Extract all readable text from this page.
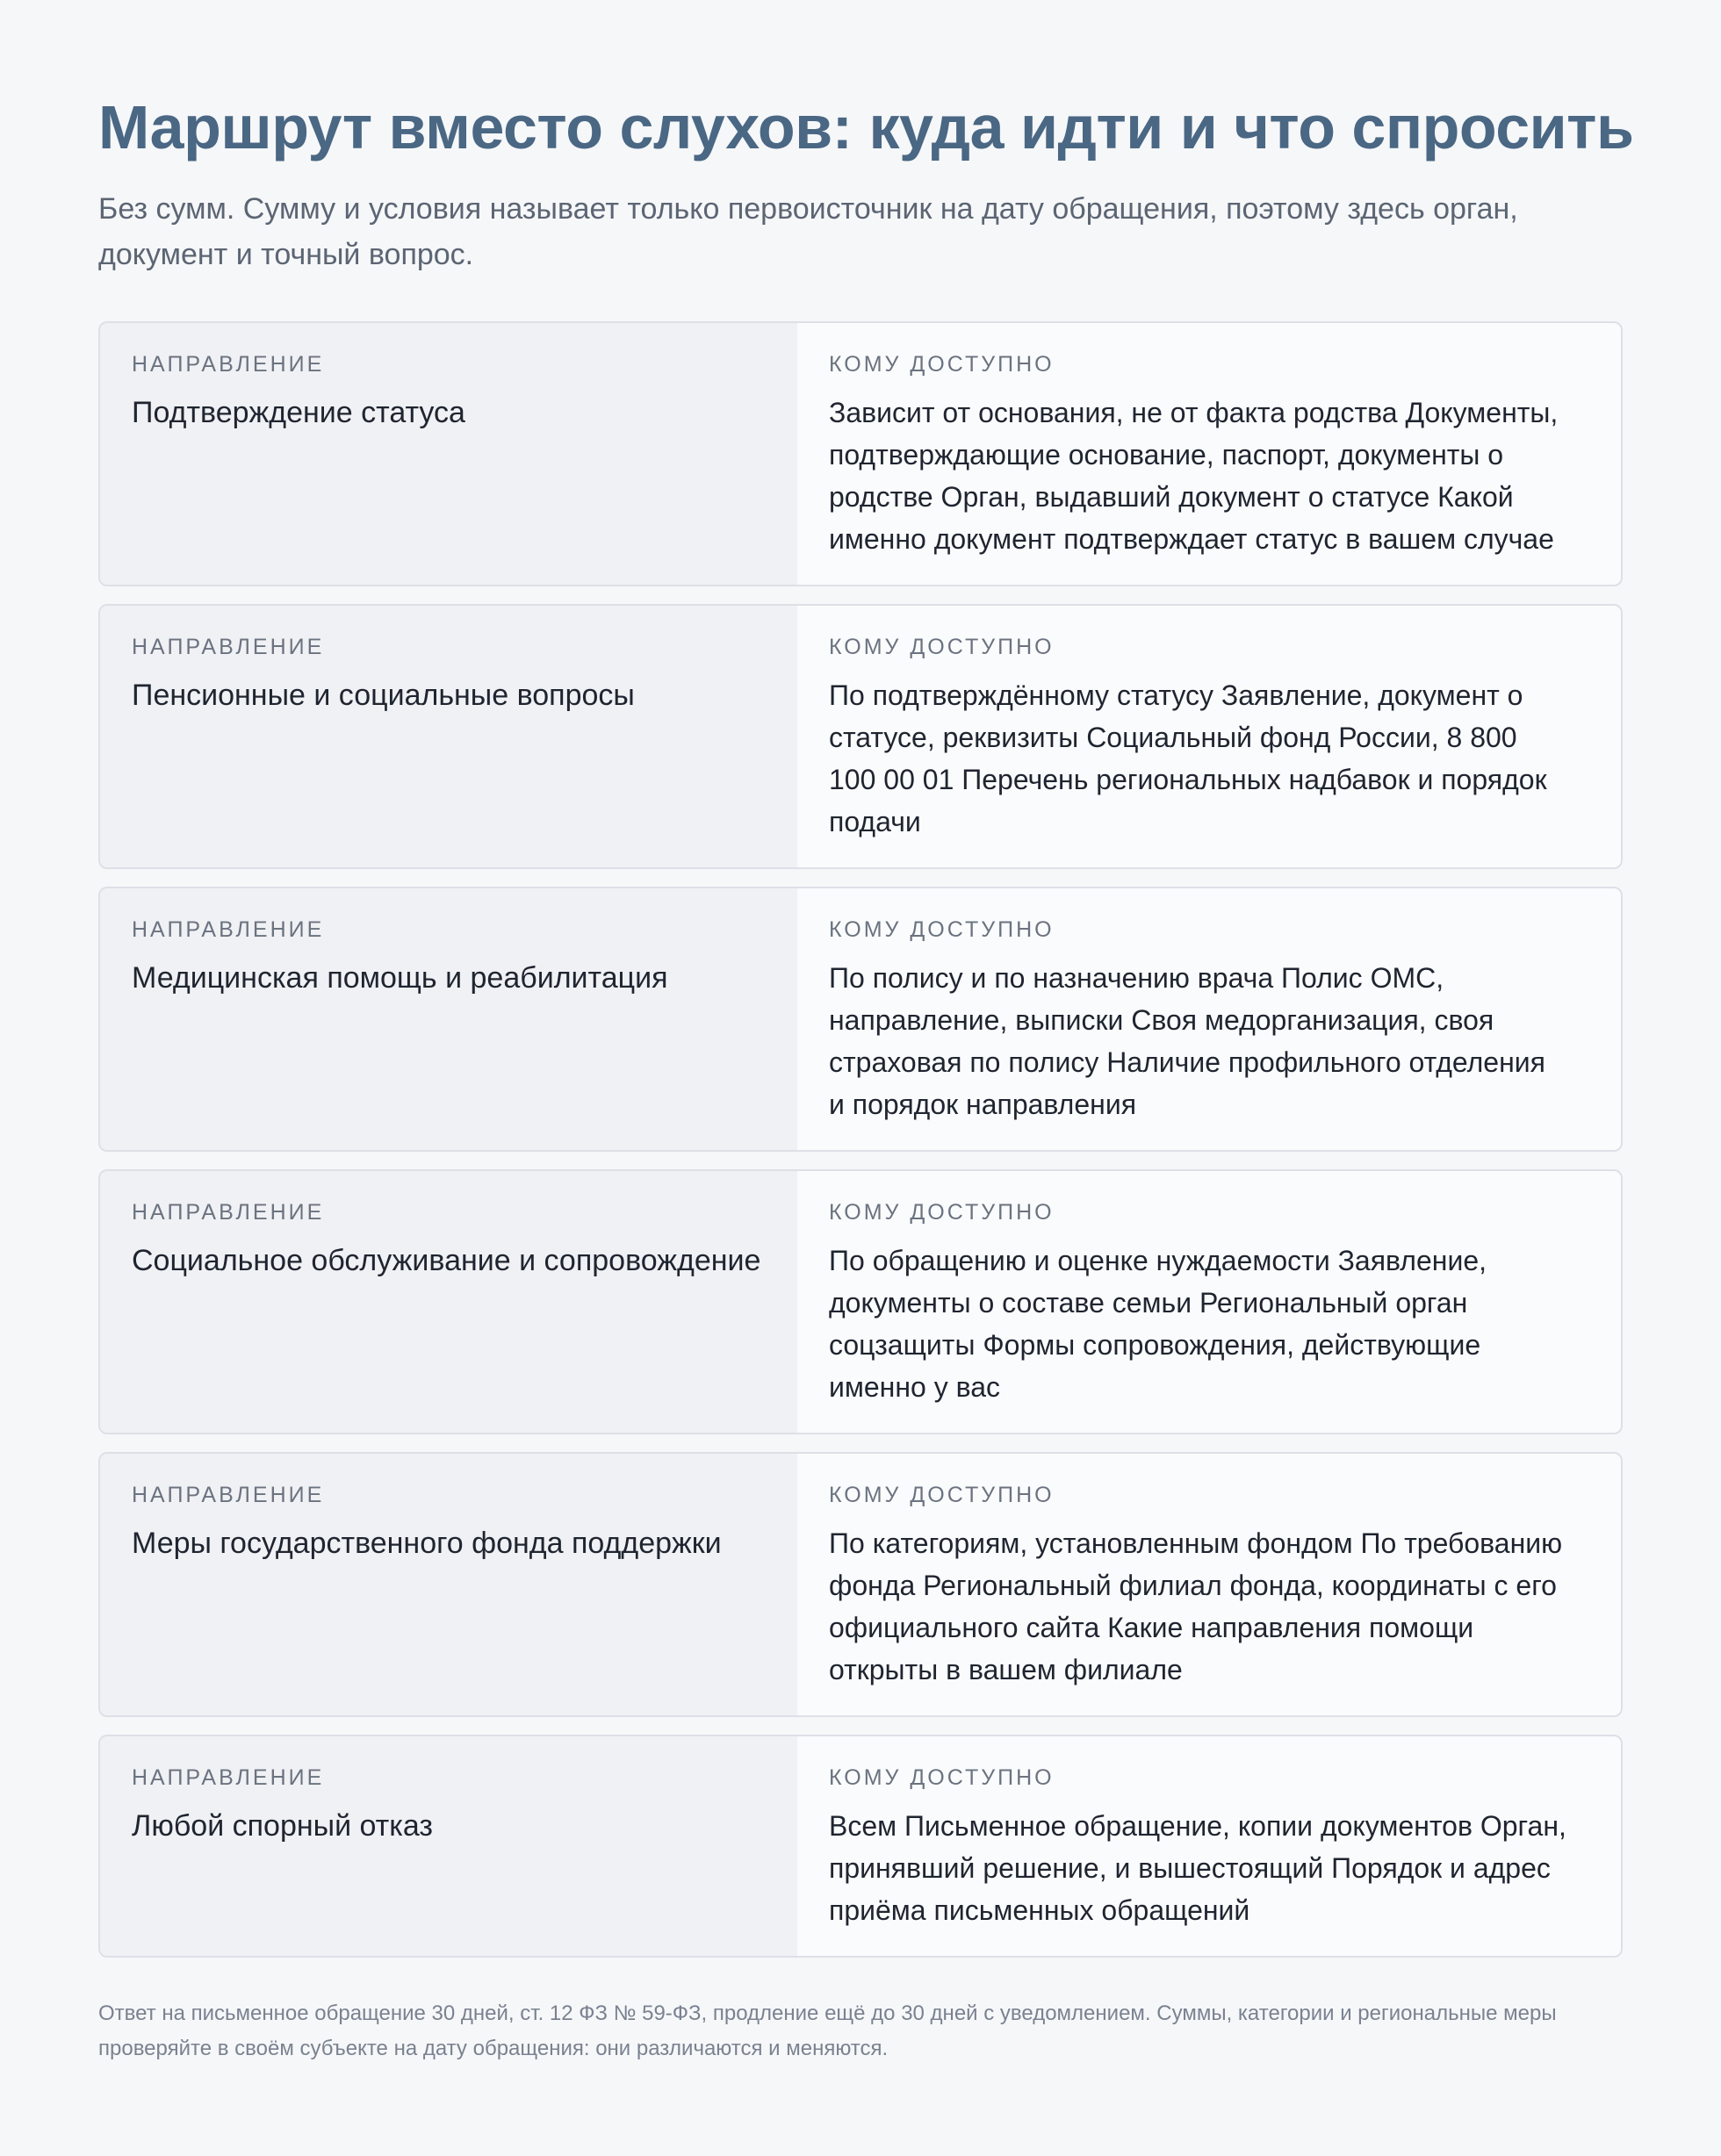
Маршрут вместо слухов: куда идти и что спросить

Без сумм. Сумму и условия называет только первоисточник на дату обращения, поэтому здесь орган, документ и точный вопрос.

НАПРАВЛЕНИЕ
Подтверждение статуса
КОМУ ДОСТУПНО
Зависит от основания, не от факта родства Документы, подтверждающие основание, паспорт, документы о родстве Орган, выдавший документ о статусе Какой именно документ подтверждает статус в вашем случае
НАПРАВЛЕНИЕ
Пенсионные и социальные вопросы
КОМУ ДОСТУПНО
По подтверждённому статусу Заявление, документ о статусе, реквизиты Социальный фонд России, 8 800 100 00 01 Перечень региональных надбавок и порядок подачи
НАПРАВЛЕНИЕ
Медицинская помощь и реабилитация
КОМУ ДОСТУПНО
По полису и по назначению врача Полис ОМС, направление, выписки Своя медорганизация, своя страховая по полису Наличие профильного отделения и порядок направления
НАПРАВЛЕНИЕ
Социальное обслуживание и сопровождение
КОМУ ДОСТУПНО
По обращению и оценке нуждаемости Заявление, документы о составе семьи Региональный орган соцзащиты Формы сопровождения, действующие именно у вас
НАПРАВЛЕНИЕ
Меры государственного фонда поддержки
КОМУ ДОСТУПНО
По категориям, установленным фондом По требованию фонда Региональный филиал фонда, координаты с его официального сайта Какие направления помощи открыты в вашем филиале
НАПРАВЛЕНИЕ
Любой спорный отказ
КОМУ ДОСТУПНО
Всем Письменное обращение, копии документов Орган, принявший решение, и вышестоящий Порядок и адрес приёма письменных обращений

Ответ на письменное обращение 30 дней, ст. 12 ФЗ № 59-ФЗ, продление ещё до 30 дней с уведомлением. Суммы, категории и региональные меры проверяйте в своём субъекте на дату обращения: они различаются и меняются.
